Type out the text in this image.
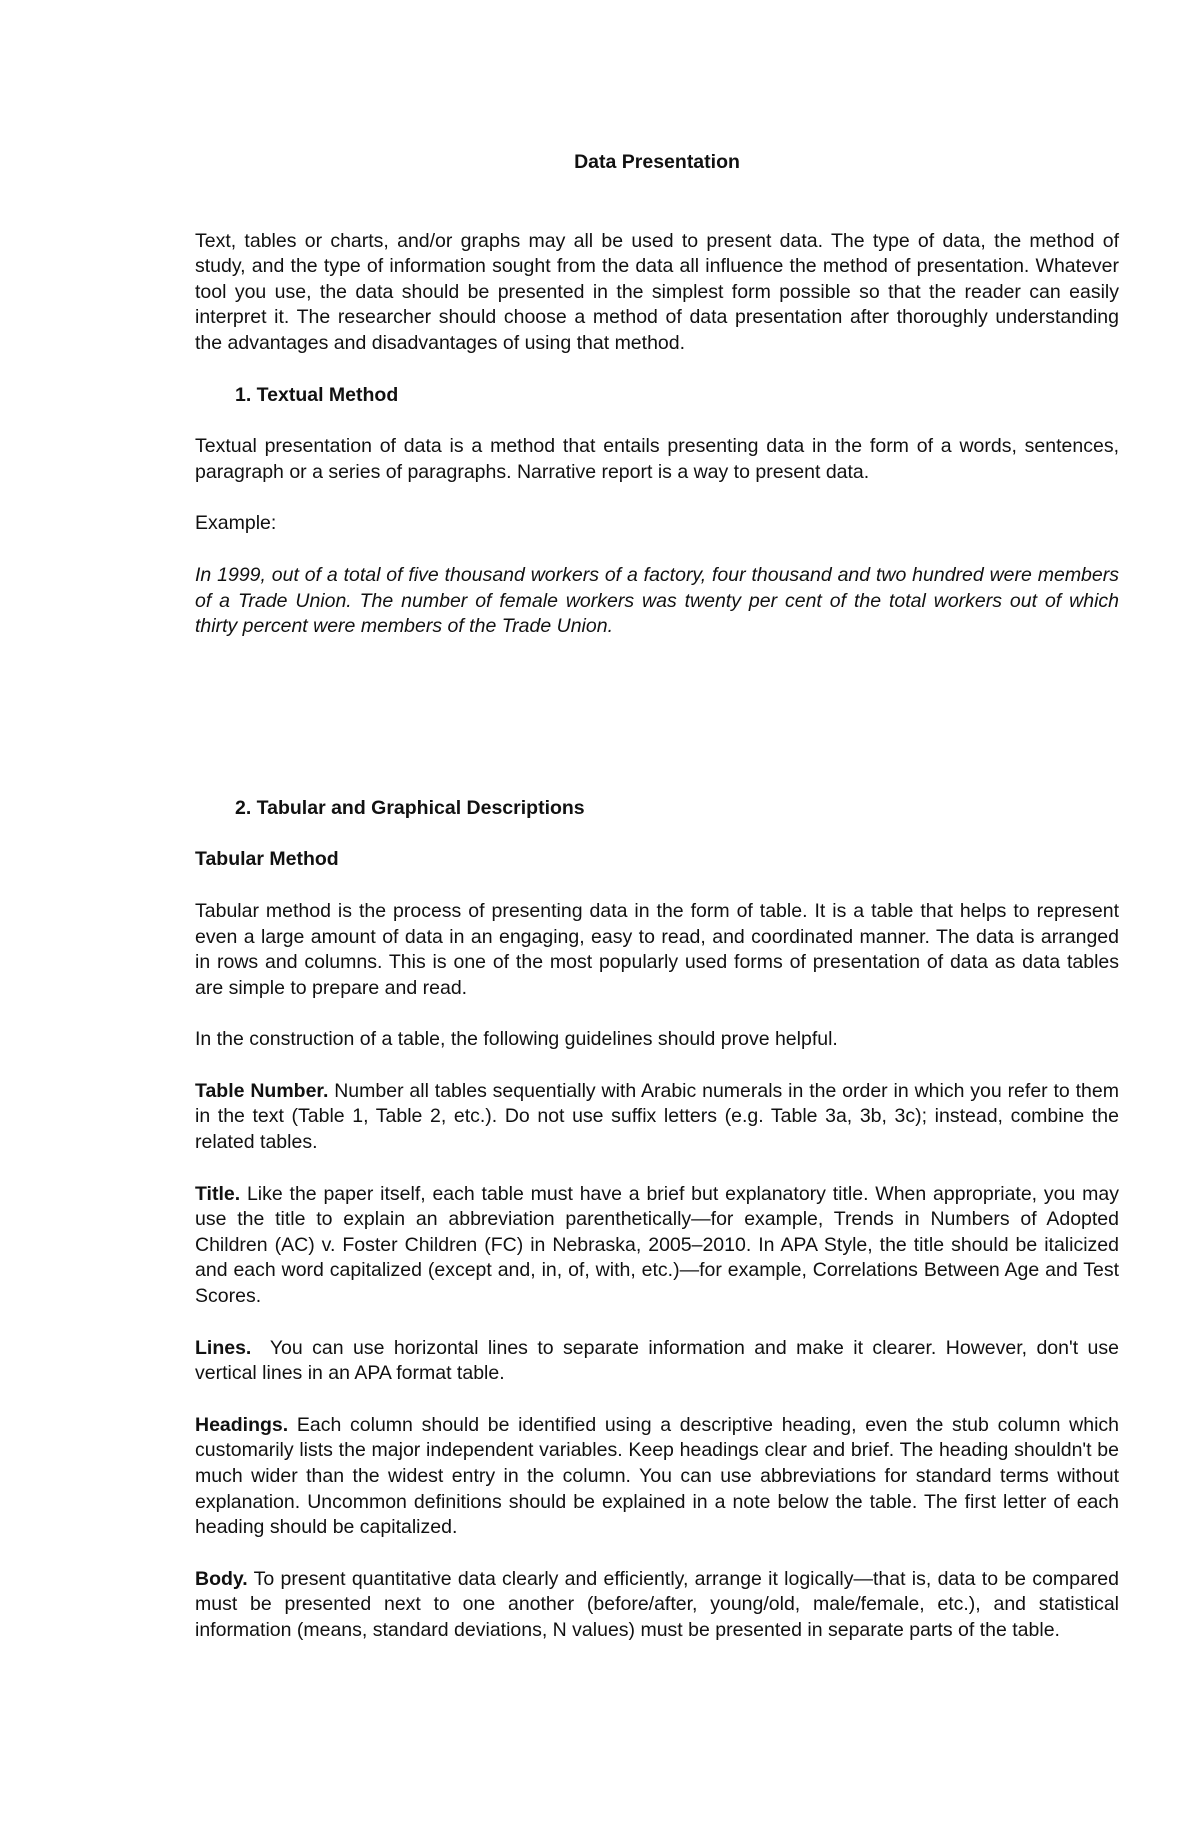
Data Presentation

Text, tables or charts, and/or graphs may all be used to present data. The type of data, the method of study, and the type of information sought from the data all influence the method of presentation. Whatever tool you use, the data should be presented in the simplest form possible so that the reader can easily interpret it. The researcher should choose a method of data presentation after thoroughly understanding the advantages and disadvantages of using that method.

1. Textual Method

Textual presentation of data is a method that entails presenting data in the form of a words, sentences, paragraph or a series of paragraphs. Narrative report is a way to present data.

Example:

In 1999, out of a total of five thousand workers of a factory, four thousand and two hundred were members of a Trade Union. The number of female workers was twenty per cent of the total workers out of which thirty percent were members of the Trade Union.

2. Tabular and Graphical Descriptions
Tabular Method

Tabular method is the process of presenting data in the form of table. It is a table that helps to represent even a large amount of data in an engaging, easy to read, and coordinated manner. The data is arranged in rows and columns. This is one of the most popularly used forms of presentation of data as data tables are simple to prepare and read.

In the construction of a table, the following guidelines should prove helpful.

Table Number. Number all tables sequentially with Arabic numerals in the order in which you refer to them in the text (Table 1, Table 2, etc.). Do not use suffix letters (e.g. Table 3a, 3b, 3c); instead, combine the related tables.

Title. Like the paper itself, each table must have a brief but explanatory title. When appropriate, you may use the title to explain an abbreviation parenthetically—for example, Trends in Numbers of Adopted Children (AC) v. Foster Children (FC) in Nebraska, 2005–2010. In APA Style, the title should be italicized and each word capitalized (except and, in, of, with, etc.)—for example, Correlations Between Age and Test Scores.

Lines.  You can use horizontal lines to separate information and make it clearer. However, don't use vertical lines in an APA format table.

Headings. Each column should be identified using a descriptive heading, even the stub column which customarily lists the major independent variables. Keep headings clear and brief. The heading shouldn't be much wider than the widest entry in the column. You can use abbreviations for standard terms without explanation. Uncommon definitions should be explained in a note below the table. The first letter of each heading should be capitalized.

Body. To present quantitative data clearly and efficiently, arrange it logically—that is, data to be compared must be presented next to one another (before/after, young/old, male/female, etc.), and statistical information (means, standard deviations, N values) must be presented in separate parts of the table.
